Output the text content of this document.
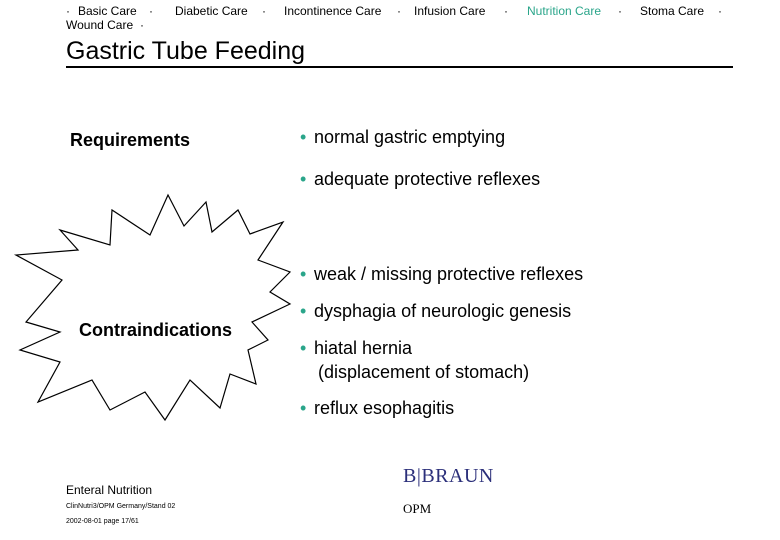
· Basic Care · Diabetic Care · Incontinence Care · Infusion Care · Nutrition Care · Stoma Care ·
Wound Care ·
Gastric Tube Feeding
Requirements
Contraindications
• normal gastric emptying
• adequate protective reflexes
• weak / missing protective reflexes
• dysphagia of neurologic genesis
• hiatal hernia
(displacement of stomach)
• reflux esophagitis
Enteral Nutrition
ClinNutri3/OPM Germany/Stand 02
2002-08-01 page 17/61
B|BRAUN
OPM
